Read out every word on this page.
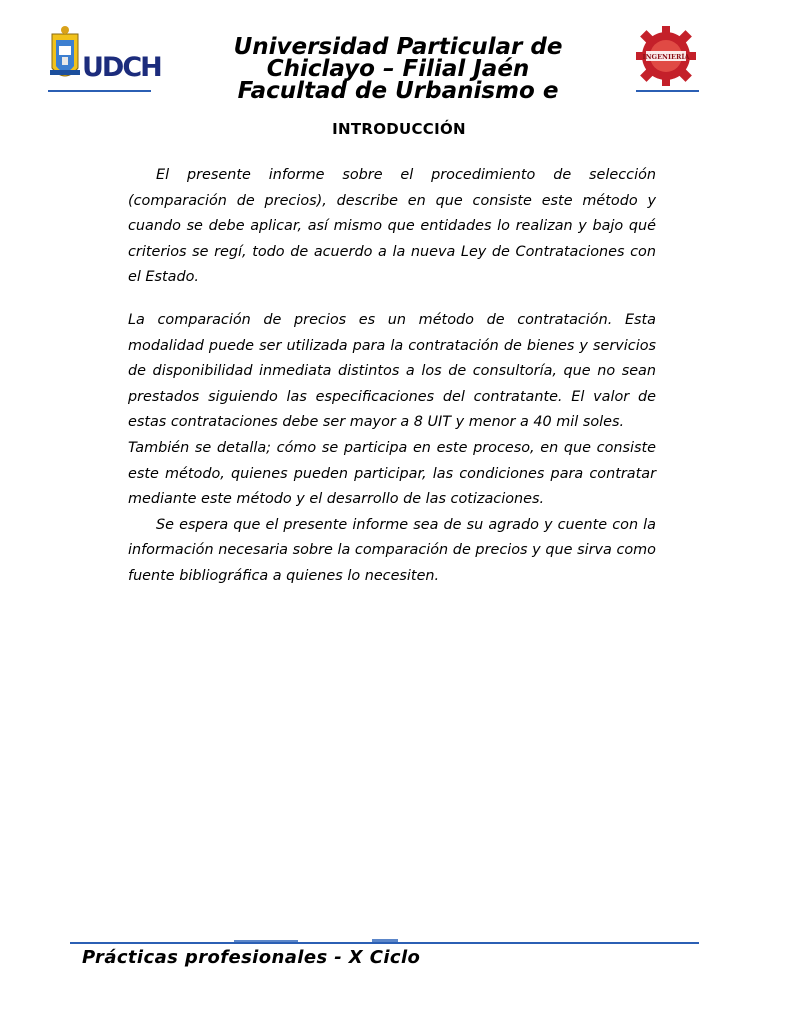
UDCH
Universidad Particular de
Chiclayo – Filial Jaén
Facultad de Urbanismo e
INGENIERÍA
INTRODUCCIÓN

El presente informe sobre el procedimiento de selección (comparación de precios), describe en que consiste este método y cuando se debe aplicar, así mismo que entidades lo realizan y bajo qué criterios se regí, todo de acuerdo a la nueva Ley de Contrataciones con el Estado.

La comparación de precios es un método de contratación. Esta modalidad puede ser utilizada para la contratación de bienes y servicios de disponibilidad inmediata distintos a los de consultoría, que no sean prestados siguiendo las especificaciones del contratante. El valor de estas contrataciones debe ser mayor a 8 UIT y menor a 40 mil soles.

También se detalla; cómo se participa en este proceso, en que consiste este método, quienes pueden participar, las condiciones para contratar mediante este método y el desarrollo de las cotizaciones.

Se espera que el presente informe sea de su agrado y cuente con la información necesaria sobre la comparación de precios y que sirva como fuente bibliográfica a quienes lo necesiten.

Prácticas profesionales - X Ciclo
